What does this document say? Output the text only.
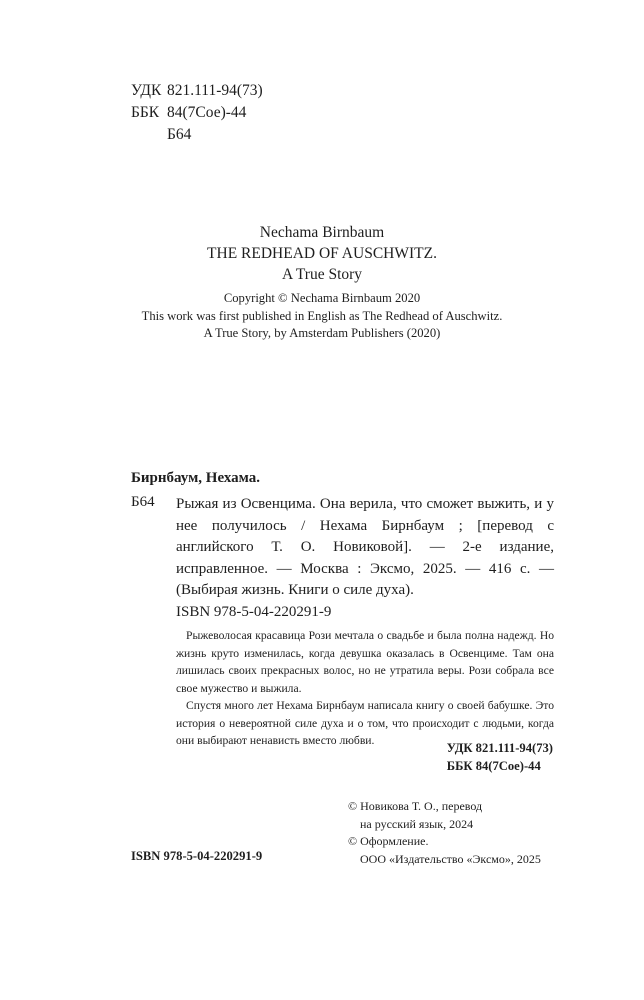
УДК 821.111-94(73)
ББК 84(7Сое)-44
Б64
Nechama Birnbaum
THE REDHEAD OF AUSCHWITZ.
A True Story
Copyright © Nechama Birnbaum 2020
This work was first published in English as The Redhead of Auschwitz.
A True Story, by Amsterdam Publishers (2020)
Бирнбаум, Нехама.
Б64 Рыжая из Освенцима. Она верила, что сможет выжить, и у нее получилось / Нехама Бирнбаум ; [перевод с английского Т. О. Новиковой]. — 2-е издание, исправленное. — Москва : Эксмо, 2025. — 416 с. —(Выбирая жизнь. Книги о силе духа).
ISBN 978-5-04-220291-9

Рыжеволосая красавица Рози мечтала о свадьбе и была полна надежд. Но жизнь круто изменилась, когда девушка оказалась в Освенциме. Там она лишилась своих прекрасных волос, но не утратила веры. Рози собрала все свое мужество и выжила.

Спустя много лет Нехама Бирнбаум написала книгу о своей бабушке. Это история о невероятной силе духа и о том, что происходит с людьми, когда они выбирают ненависть вместо любви.

УДК 821.111-94(73)
ББК 84(7Сое)-44
ISBN 978-5-04-220291-9
© Новикова Т. О., перевод
на русский язык, 2024
© Оформление.
ООО «Издательство «Эксмо», 2025
